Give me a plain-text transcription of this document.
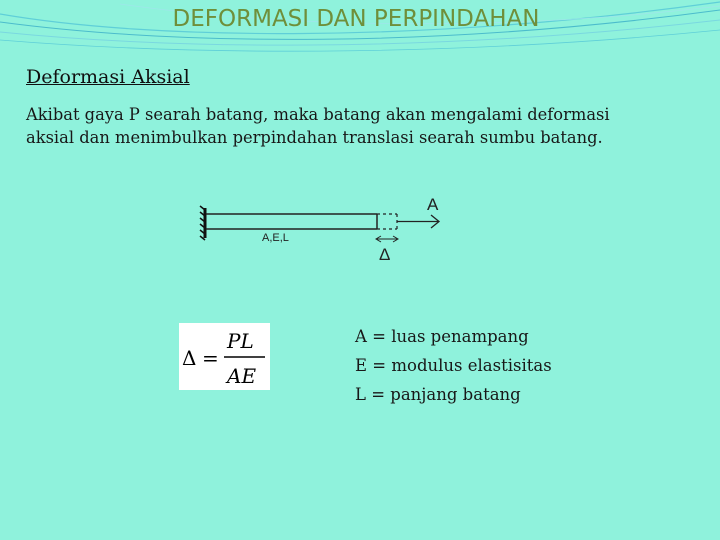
DEFORMASI DAN PERPINDAHAN
Deformasi Aksial
Akibat gaya P searah batang, maka batang akan mengalami deformasi
aksial dan menimbulkan perpindahan translasi searah sumbu batang.
A
A,E,L
Δ
Δ =
PL
AE
A = luas penampang
E = modulus elastisitas
L = panjang batang
